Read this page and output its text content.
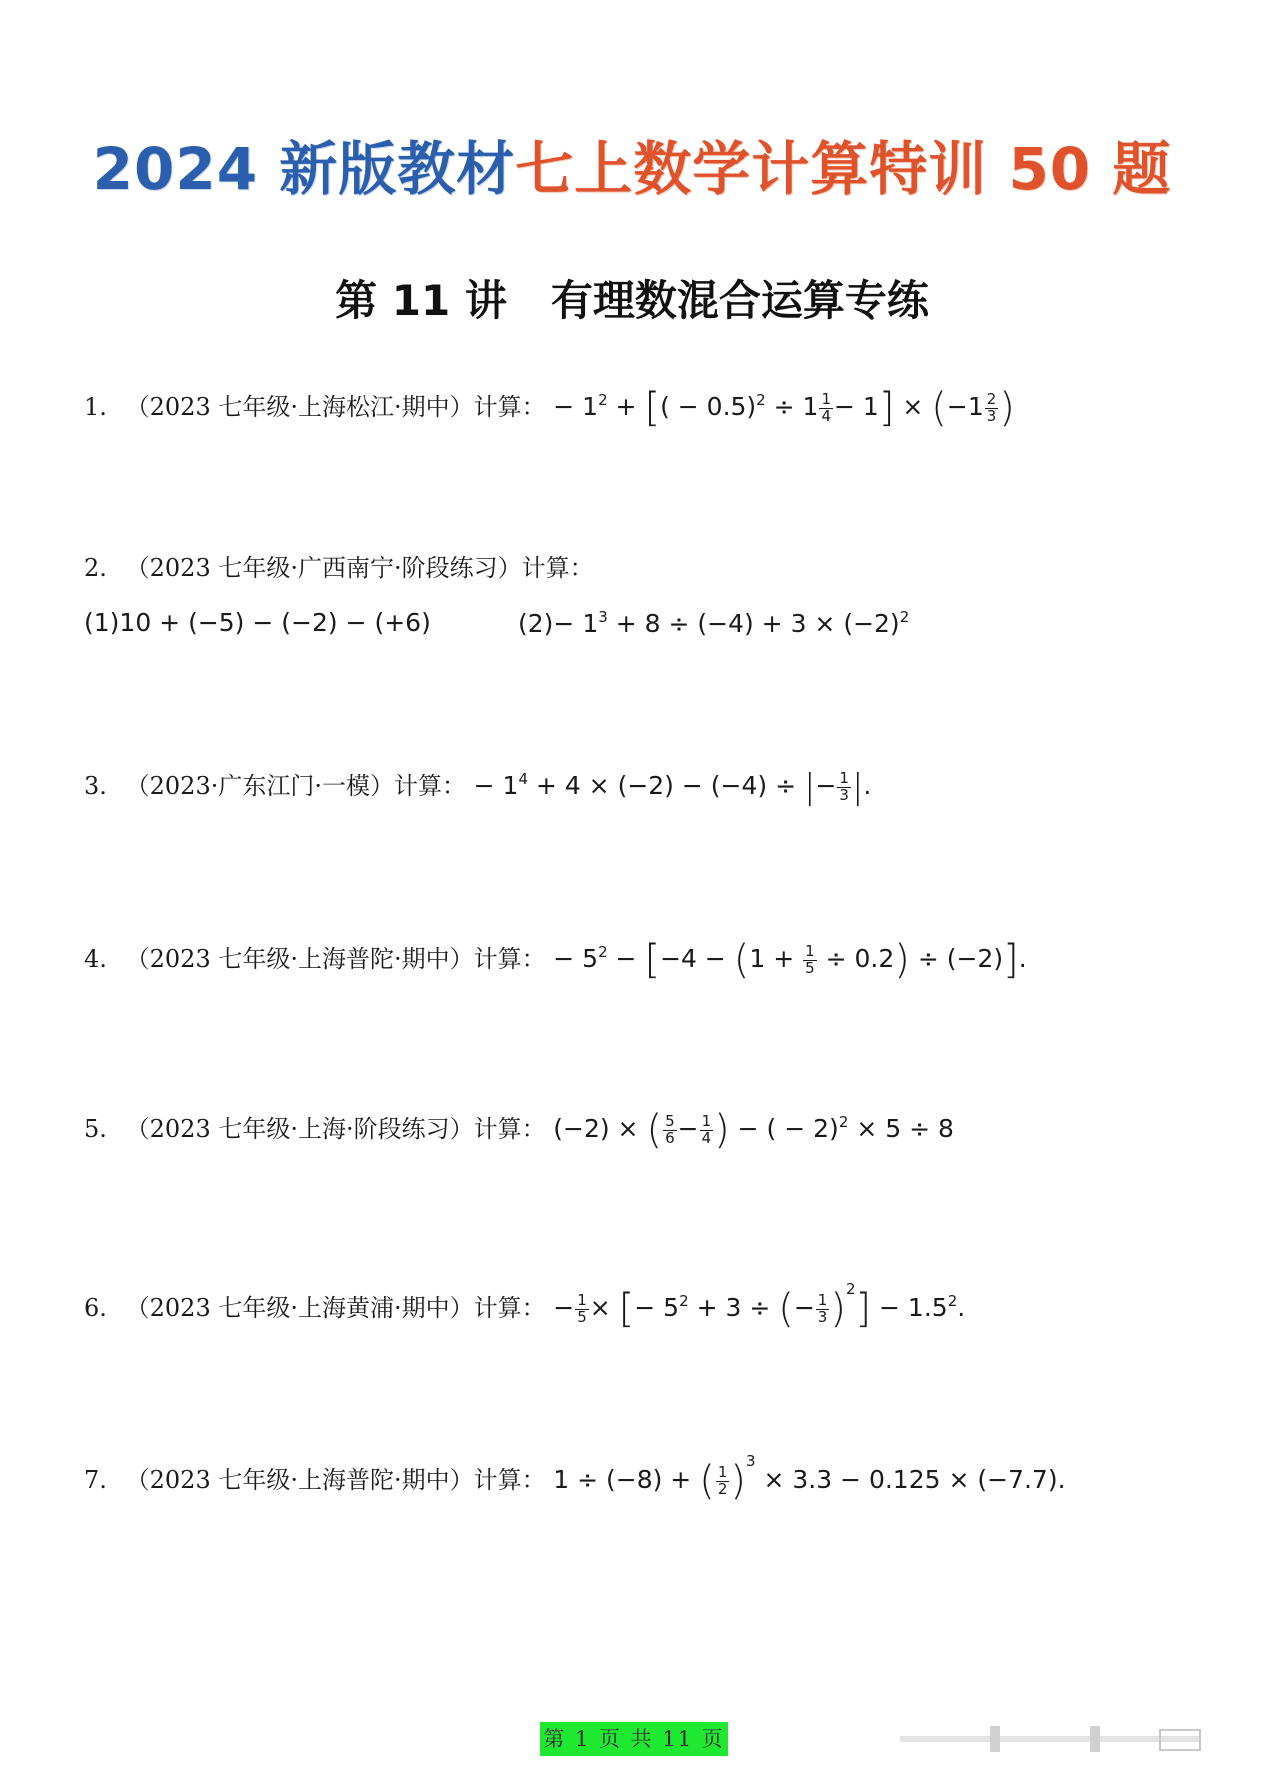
2024 新版教材七上数学计算特训 50 题
第 11 讲 有理数混合运算专练
1. （2023 七年级·上海松江·期中）计算： − $1^2$ + [( − $0.5)^2 \div 1 \frac{1}{4} - 1] \times (-1 \frac{2}{3}$ )
2. （2023 七年级·广西南宁·阶段练习）计算：
(1)10 + (−5) − (−2) − (+6)	$(2)- 1^3 + 8 \div (-4) + 3 \times (-2)^2$
3. （2023·广东江门·一模）计算： − $1^4 + 4 \times (-2) - (-4)$ ÷ |− $\frac{1}{3}$ |.
4. （2023 七年级·上海普陀·期中）计算： − $5^2 - [-4 - (1 + \frac{1}{5} \div 0.2) \div (-2)]$.
5. （2023 七年级·上海·阶段练习）计算： (−2) × ( $\frac{5}{6} - \frac{1}{4}$ ) − ( − 2)$^2$ × 5 ÷ 8
6. （2023 七年级·上海黄浦·期中）计算： − $\frac{1}{5}$ × [− $5^2 + 3$ ÷ (− $\frac{1}{3} )^2] - 1.5^2$.
7. （2023 七年级·上海普陀·期中）计算： 1 ÷ (−8) + ( $\frac{1}{2} )^3 \times 3.3 - 0.125 \times (-7.7)$.
第 1 页 共 11 页
